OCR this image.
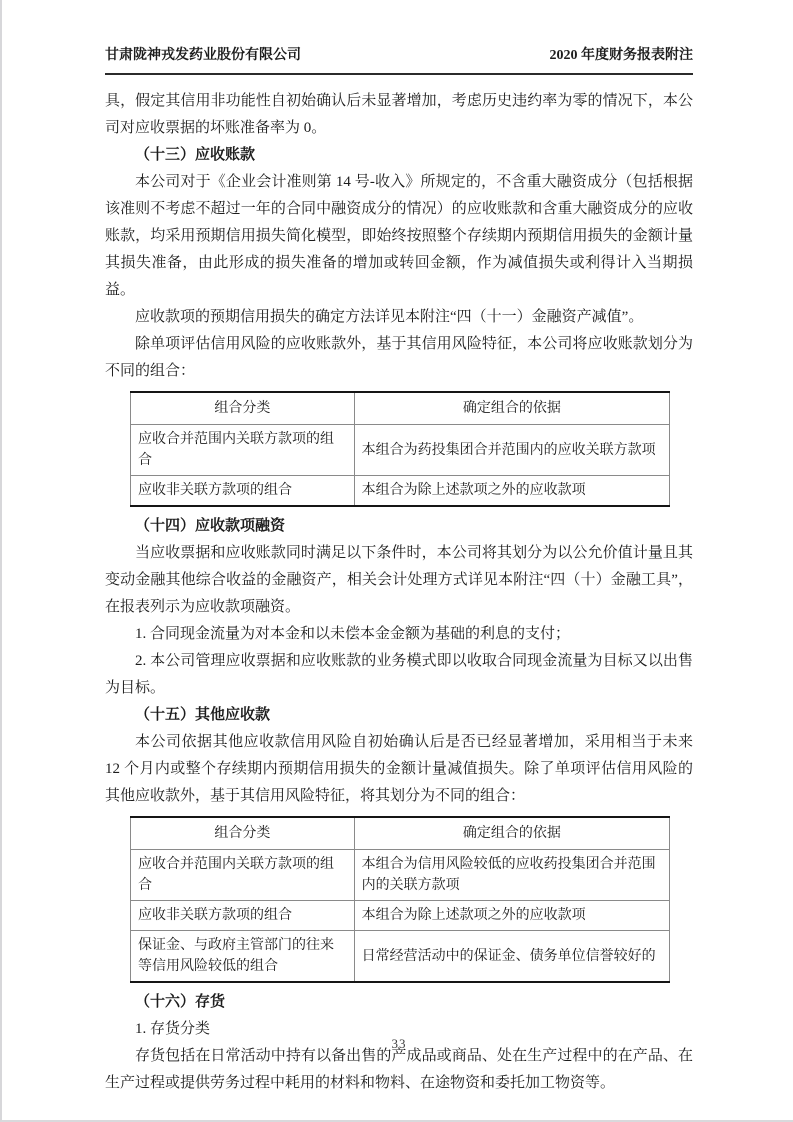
甘肃陇神戎发药业股份有限公司	2020 年度财务报表附注

具，假定其信用非功能性自初始确认后未显著增加，考虑历史违约率为零的情况下，本公司对应收票据的坏账准备率为 0。

（十三）应收账款

本公司对于《企业会计准则第 14 号-收入》所规定的，不含重大融资成分（包括根据该准则不考虑不超过一年的合同中融资成分的情况）的应收账款和含重大融资成分的应收账款，均采用预期信用损失简化模型，即始终按照整个存续期内预期信用损失的金额计量其损失准备，由此形成的损失准备的增加或转回金额，作为减值损失或利得计入当期损益。

应收款项的预期信用损失的确定方法详见本附注“四（十一）金融资产减值”。

除单项评估信用风险的应收账款外，基于其信用风险特征，本公司将应收账款划分为不同的组合：

组合分类	确定组合的依据
应收合并范围内关联方款项的组合	本组合为药投集团合并范围内的应收关联方款项
应收非关联方款项的组合	本组合为除上述款项之外的应收款项
（十四）应收款项融资

当应收票据和应收账款同时满足以下条件时，本公司将其划分为以公允价值计量且其变动金融其他综合收益的金融资产，相关会计处理方式详见本附注“四（十）金融工具”，在报表列示为应收款项融资。

1. 合同现金流量为对本金和以未偿本金金额为基础的利息的支付；

2. 本公司管理应收票据和应收账款的业务模式即以收取合同现金流量为目标又以出售为目标。

（十五）其他应收款

本公司依据其他应收款信用风险自初始确认后是否已经显著增加，采用相当于未来 12 个月内或整个存续期内预期信用损失的金额计量减值损失。除了单项评估信用风险的其他应收款外，基于其信用风险特征，将其划分为不同的组合：

组合分类	确定组合的依据
应收合并范围内关联方款项的组合	本组合为信用风险较低的应收药投集团合并范围内的关联方款项
应收非关联方款项的组合	本组合为除上述款项之外的应收款项
保证金、与政府主管部门的往来等信用风险较低的组合	日常经营活动中的保证金、债务单位信誉较好的
（十六）存货

1. 存货分类

存货包括在日常活动中持有以备出售的产成品或商品、处在生产过程中的在产品、在生产过程或提供劳务过程中耗用的材料和物料、在途物资和委托加工物资等。

33
